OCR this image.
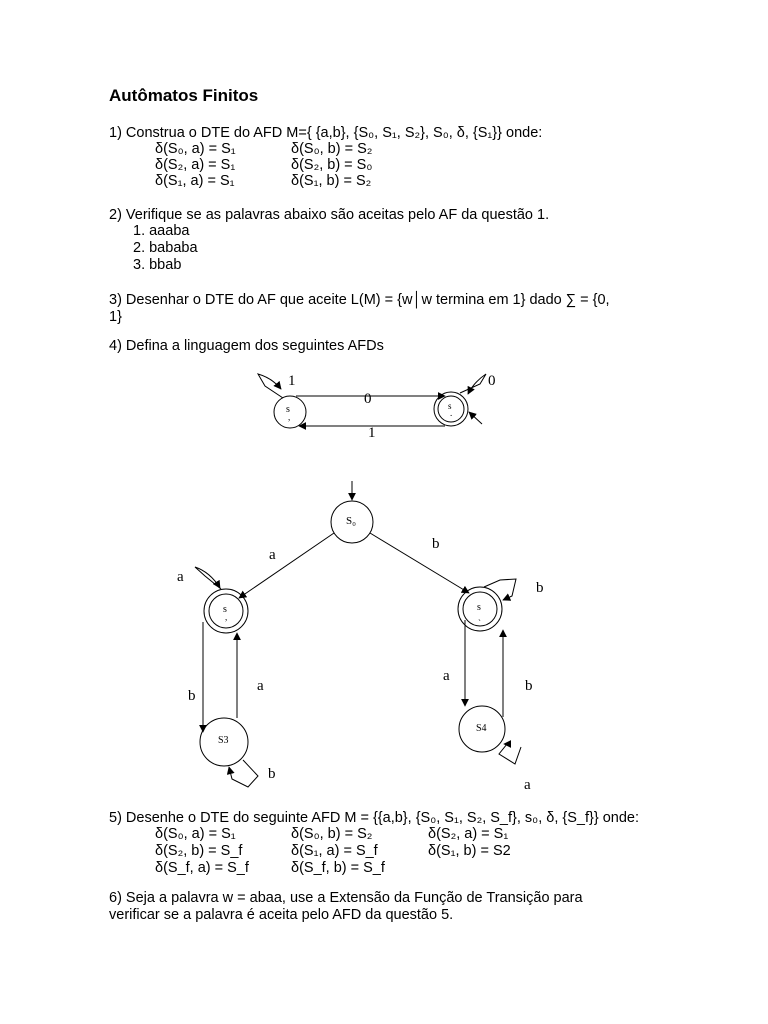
Autômatos Finitos
1) Construa o DTE do AFD M={ {a,b}, {S₀, S₁, S₂}, S₀, δ, {S₁}} onde:
δ(S₀, a) = S₁	δ(S₀, b) = S₂
δ(S₂, a) = S₁	δ(S₂, b) = S₀
δ(S₁, a) = S₁	δ(S₁, b) = S₂
2) Verifique se as palavras abaixo são aceitas pelo AF da questão 1.
1. aaaba
2. bababa
3. bbab
3) Desenhar o DTE do AF que aceite L(M) = {w│w termina em 1} dado ∑ = {0,
1}
4) Defina a linguagem dos seguintes AFDs
1	0
0
1
s
,
s
.
S₀
s
,
s
ˎ
S3
S4
a
b
a
b
b
a
b
a
b
a
5) Desenhe o DTE do seguinte AFD M = {{a,b}, {S₀, S₁, S₂, S_f}, s₀, δ, {S_f}} onde:
δ(S₀, a) = S₁	δ(S₀, b) = S₂	δ(S₂, a) = S₁
δ(S₂, b) = S_f	δ(S₁, a) = S_f	δ(S₁, b) = S2
δ(S_f, a) = S_f	δ(S_f, b) = S_f
6) Seja a palavra w = abaa, use a Extensão da Função de Transição para
verificar se a palavra é aceita pelo AFD da questão 5.
